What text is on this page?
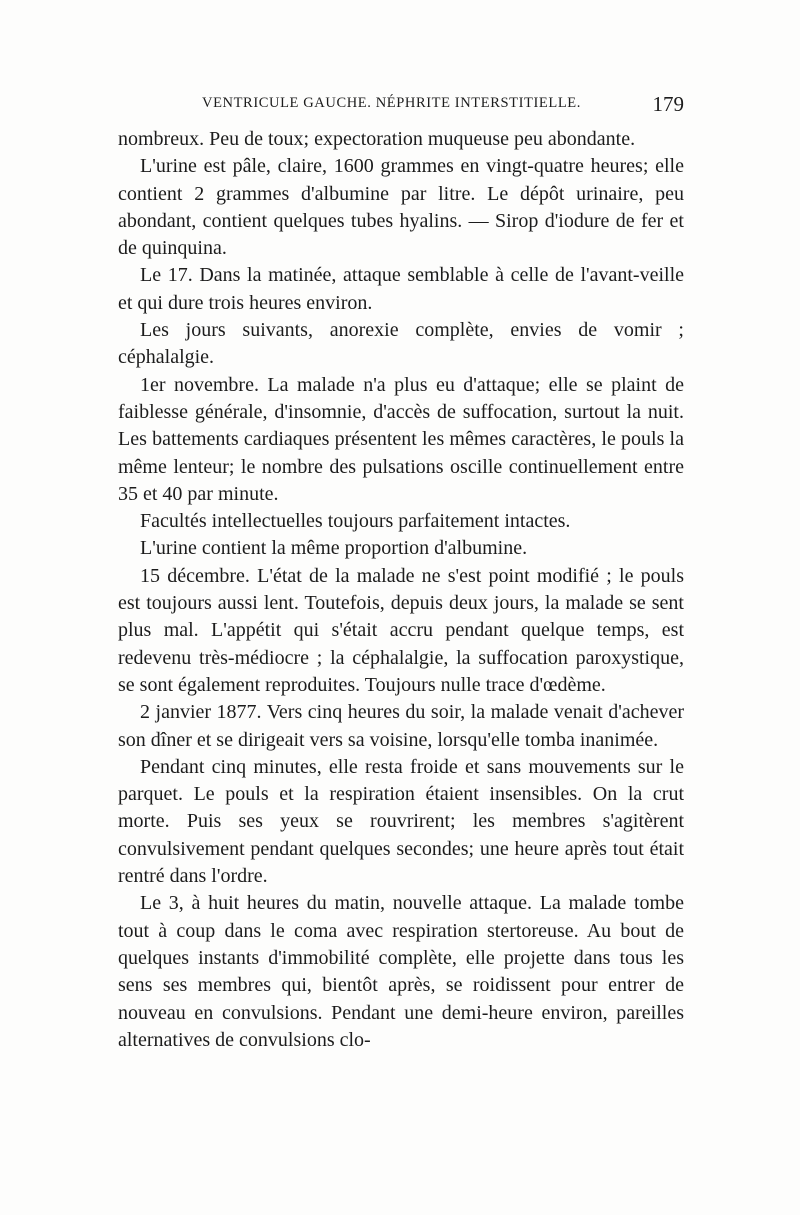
VENTRICULE GAUCHE. NÉPHRITE INTERSTITIELLE.	179

nombreux. Peu de toux; expectoration muqueuse peu abondante.

L'urine est pâle, claire, 1600 grammes en vingt-quatre heures; elle contient 2 grammes d'albumine par litre. Le dépôt urinaire, peu abondant, contient quelques tubes hyalins. — Sirop d'iodure de fer et de quinquina.

Le 17. Dans la matinée, attaque semblable à celle de l'avant-veille et qui dure trois heures environ.

Les jours suivants, anorexie complète, envies de vomir ; céphalalgie.

1er novembre. La malade n'a plus eu d'attaque; elle se plaint de faiblesse générale, d'insomnie, d'accès de suffocation, surtout la nuit. Les battements cardiaques présentent les mêmes caractères, le pouls la même lenteur; le nombre des pulsations oscille continuellement entre 35 et 40 par minute.

Facultés intellectuelles toujours parfaitement intactes.

L'urine contient la même proportion d'albumine.

15 décembre. L'état de la malade ne s'est point modifié ; le pouls est toujours aussi lent. Toutefois, depuis deux jours, la malade se sent plus mal. L'appétit qui s'était accru pendant quelque temps, est redevenu très-médiocre ; la céphalalgie, la suffocation paroxystique, se sont également reproduites. Toujours nulle trace d'œdème.

2 janvier 1877. Vers cinq heures du soir, la malade venait d'achever son dîner et se dirigeait vers sa voisine, lorsqu'elle tomba inanimée.

Pendant cinq minutes, elle resta froide et sans mouvements sur le parquet. Le pouls et la respiration étaient insensibles. On la crut morte. Puis ses yeux se rouvrirent; les membres s'agitèrent convulsivement pendant quelques secondes; une heure après tout était rentré dans l'ordre.

Le 3, à huit heures du matin, nouvelle attaque. La malade tombe tout à coup dans le coma avec respiration stertoreuse. Au bout de quelques instants d'immobilité complète, elle projette dans tous les sens ses membres qui, bientôt après, se roidissent pour entrer de nouveau en convulsions. Pendant une demi-heure environ, pareilles alternatives de convulsions clo-
